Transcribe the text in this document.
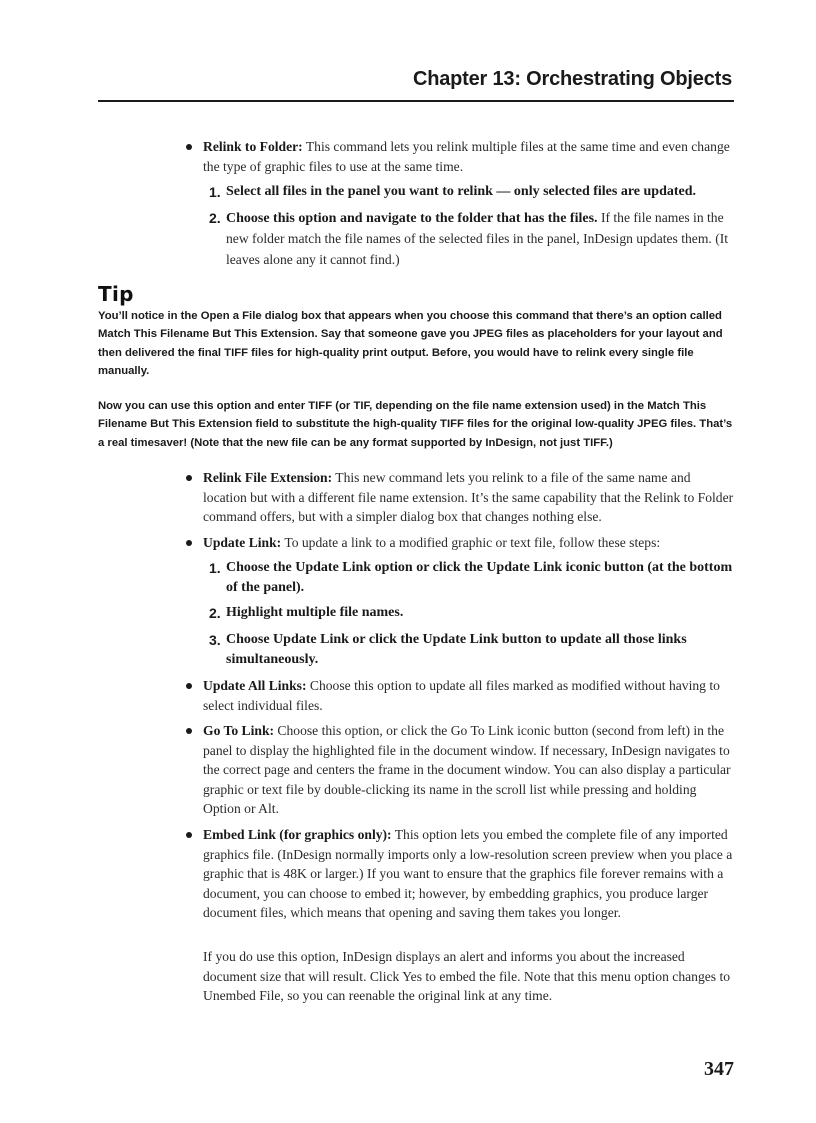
Chapter 13: Orchestrating Objects
Relink to Folder: This command lets you relink multiple files at the same time and even change the type of graphic files to use at the same time.
1. Select all files in the panel you want to relink — only selected files are updated.
2. Choose this option and navigate to the folder that has the files. If the file names in the new folder match the file names of the selected files in the panel, InDesign updates them. (It leaves alone any it cannot find.)
Tip
You’ll notice in the Open a File dialog box that appears when you choose this command that there’s an option called Match This Filename But This Extension. Say that someone gave you JPEG files as placeholders for your layout and then delivered the final TIFF files for high-quality print output. Before, you would have to relink every single file manually.
Now you can use this option and enter TIFF (or TIF, depending on the file name extension used) in the Match This Filename But This Extension field to substitute the high-quality TIFF files for the original low-quality JPEG files. That’s a real timesaver! (Note that the new file can be any format supported by InDesign, not just TIFF.)
Relink File Extension: This new command lets you relink to a file of the same name and location but with a different file name extension. It’s the same capability that the Relink to Folder command offers, but with a simpler dialog box that changes nothing else.
Update Link: To update a link to a modified graphic or text file, follow these steps:
1. Choose the Update Link option or click the Update Link iconic button (at the bottom of the panel).
2. Highlight multiple file names.
3. Choose Update Link or click the Update Link button to update all those links simultaneously.
Update All Links: Choose this option to update all files marked as modified without having to select individual files.
Go To Link: Choose this option, or click the Go To Link iconic button (second from left) in the panel to display the highlighted file in the document window. If necessary, InDesign navigates to the correct page and centers the frame in the document window. You can also display a particular graphic or text file by double-clicking its name in the scroll list while pressing and holding Option or Alt.
Embed Link (for graphics only): This option lets you embed the complete file of any imported graphics file. (InDesign normally imports only a low-resolution screen preview when you place a graphic that is 48K or larger.) If you want to ensure that the graphics file forever remains with a document, you can choose to embed it; however, by embedding graphics, you produce larger document files, which means that opening and saving them takes you longer.
If you do use this option, InDesign displays an alert and informs you about the increased document size that will result. Click Yes to embed the file. Note that this menu option changes to Unembed File, so you can reenable the original link at any time.
347
